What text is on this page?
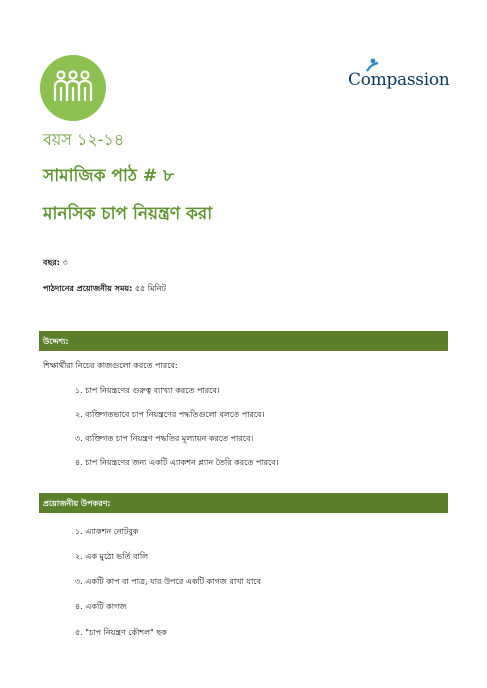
Compassion
বয়স ১২-১৪
সামাজিক পাঠ # ৮
মানসিক চাপ নিয়ন্ত্রণ করা
বছর: ৩
পাঠদানের প্রয়োজনীয় সময়: ৫৫ মিনিট
উদ্দেশ্য:
শিক্ষার্থীরা নিচের কাজগুলো করতে পারবে:
১. চাপ নিয়ন্ত্রণের গুরুত্ব ব্যাখ্যা করতে পারবে।
২. ব্যক্তিগতভাবে চাপ নিয়ন্ত্রণের পদ্ধতিগুলো বলতে পারবে।
৩. ব্যক্তিগত চাপ নিয়ন্ত্রণ পদ্ধতির মূল্যায়ন করতে পারবে।
৪. চাপ নিয়ন্ত্রণের জন্য একটি এ্যাকশন প্ল্যান তৈরি করতে পারবে।
প্রয়োজনীয় উপকরণ:
১. এ্যাকশন নোটবুক
২. এক মুঠো ভর্তি বালি
৩. একটি কাপ বা পাত্র, যার উপরে একটি কাগজ রাখা যাবে
৪. একটি কাগজ
৫. "চাপ নিয়ন্ত্রণ কৌশল" ছক
